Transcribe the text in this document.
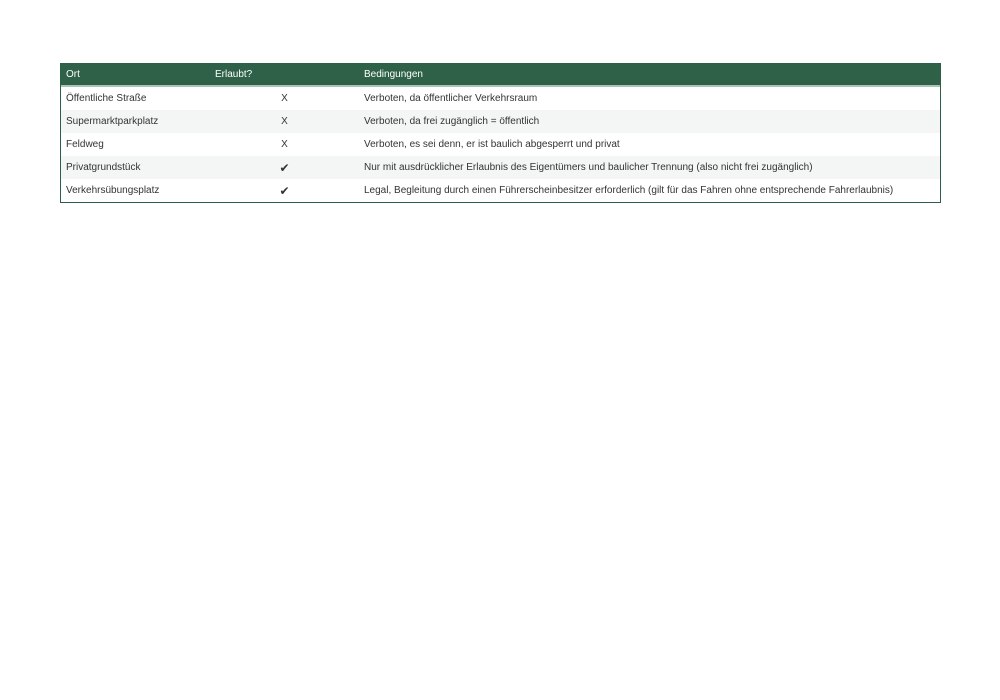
Ort	Erlaubt?	Bedingungen
Öffentliche Straße	X	Verboten, da öffentlicher Verkehrsraum
Supermarktparkplatz	X	Verboten, da frei zugänglich = öffentlich
Feldweg	X	Verboten, es sei denn, er ist baulich abgesperrt und privat
Privatgrundstück	✔	Nur mit ausdrücklicher Erlaubnis des Eigentümers und baulicher Trennung (also nicht frei zugänglich)
Verkehrsübungsplatz	✔	Legal, Begleitung durch einen Führerscheinbesitzer erforderlich (gilt für das Fahren ohne entsprechende Fahrerlaubnis)
